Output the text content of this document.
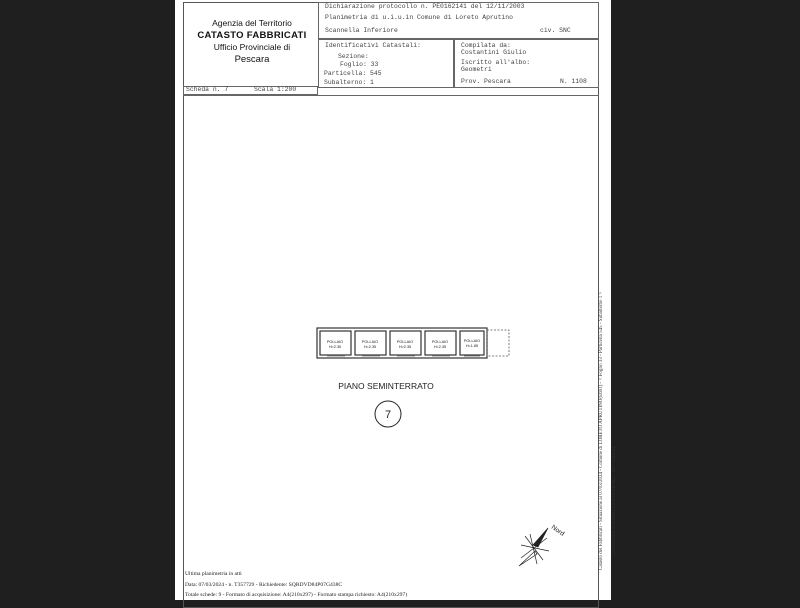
Agenzia del Territorio
CATASTO FABBRICATI
Ufficio Provinciale di
Pescara
Dichiarazione protocollo n. PE0162141 del 12/11/2003
Planimetria di u.i.u.in Comune di Loreto Aprutino
Scannella Inferiore	civ. SNC
Identificativi Catastali:
Sezione:
Foglio: 33
Particella: 545
Subalterno: 1
Compilata da:
Costantini Giulio
Iscritto all'albo:
Geometri
Prov. Pescara	N. 1108
Scheda n. 7	Scala 1:200
POLLAIO
H=2.35
POLLAIO
H=2.35
POLLAIO
H=2.35
POLLAIO
H=2.35
POLLAIO
H=1.85
PIANO SEMINTERRATO
7
Nord
Ultima planimetria in atti
Data: 07/03/2024 - n. T357729 - Richiedente: SQRDVD84P07G438C
Totale schede: 9 - Formato di acquisizione: A4(210x297) - Formato stampa richiesto: A4(210x297)
Catasto dei Fabbricati - Situazione al 07/03/2024 - Comune di LORETO APRUTINO(E691) - < Foglio 33 - Particella 545 - Subalterno 1 > CONTRADA SCANNELLA INFERIORE n. SNC Piano S1
